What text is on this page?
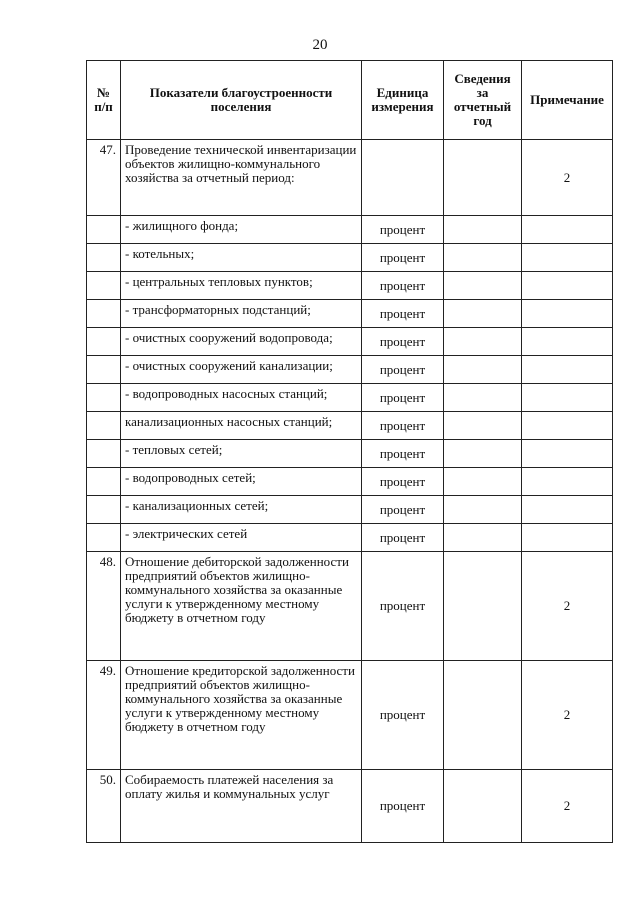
20
№ п/п	Показатели благоустроенности поселения	Единица измерения	Сведения за отчетный год	Примечание
47.	Проведение технической инвентаризации объектов жилищно-коммунального хозяйства за отчетный период:			2
	- жилищного фонда;	процент		
	- котельных;	процент		
	- центральных тепловых пунктов;	процент		
	- трансформаторных подстанций;	процент		
	- очистных сооружений водопровода;	процент		
	- очистных сооружений канализации;	процент		
	- водопроводных насосных станций;	процент		
	канализационных насосных станций;	процент		
	- тепловых сетей;	процент		
	- водопроводных сетей;	процент		
	- канализационных сетей;	процент		
	- электрических сетей	процент		
48.	Отношение дебиторской задолженности предприятий объектов жилищно-коммунального хозяйства за оказанные услуги к утвержденному местному бюджету в отчетном году	процент		2
49.	Отношение кредиторской задолженности предприятий объектов жилищно-коммунального хозяйства за оказанные услуги к утвержденному местному бюджету в отчетном году	процент		2
50.	Собираемость платежей населения за оплату жилья и коммунальных услуг	процент		2
